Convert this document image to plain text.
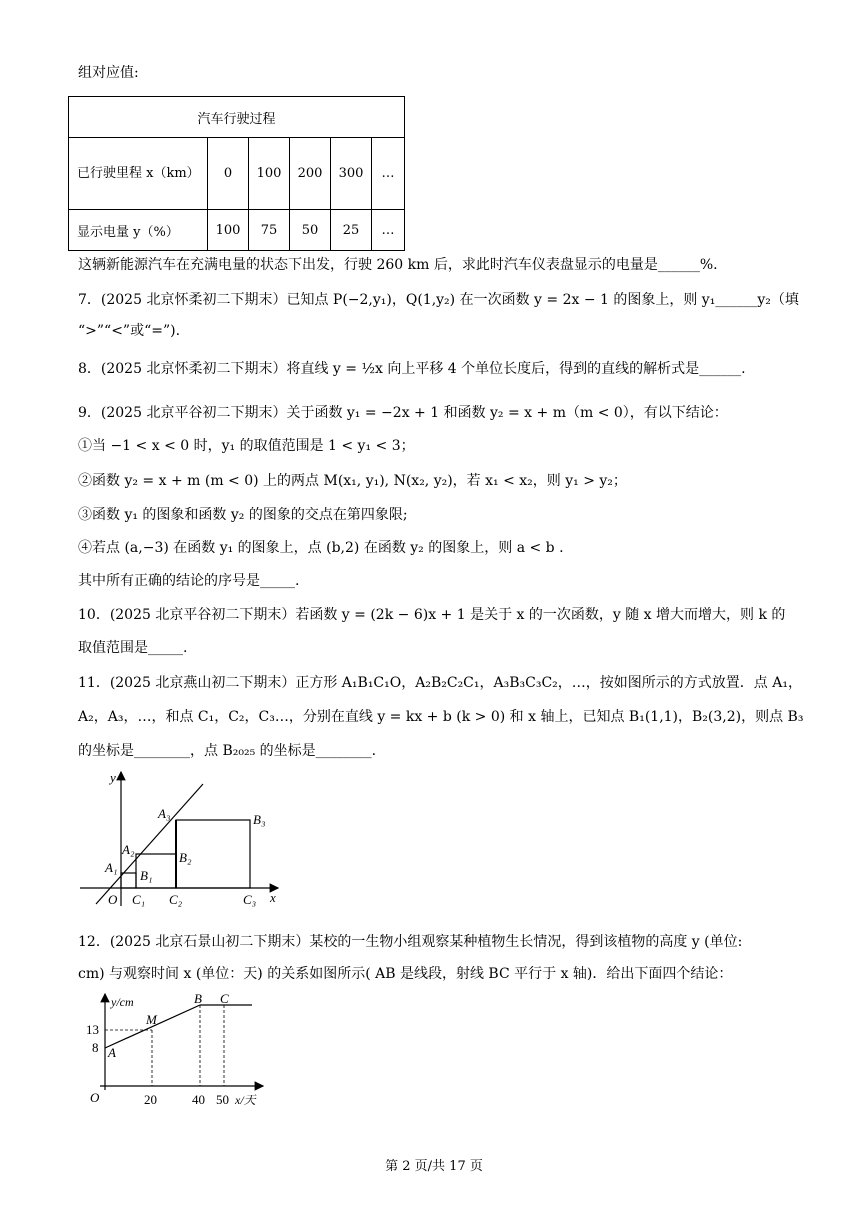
组对应值:
汽车行驶过程					
已行驶里程 x（km）	0	100	200	300	…
显示电量 y（%）	100	75	50	25	…
这辆新能源汽车在充满电量的状态下出发，行驶 260 km 后，求此时汽车仪表盘显示的电量是______%.
7．(2025 北京怀柔初二下期末）已知点 P(−2,y₁)，Q(1,y₂) 在一次函数 y = 2x − 1 的图象上，则 y₁______y₂（填
“>”“<”或“=”).
8．(2025 北京怀柔初二下期末）将直线 y = ½x 向上平移 4 个单位长度后，得到的直线的解析式是______.
9．(2025 北京平谷初二下期末）关于函数 y₁ = −2x + 1 和函数 y₂ = x + m（m < 0），有以下结论：
①当 −1 < x < 0 时，y₁ 的取值范围是 1 < y₁ < 3；
②函数 y₂ = x + m (m < 0) 上的两点 M(x₁, y₁), N(x₂, y₂)，若 x₁ < x₂，则 y₁ > y₂；
③函数 y₁ 的图象和函数 y₂ 的图象的交点在第四象限;
④若点 (a,−3) 在函数 y₁ 的图象上，点 (b,2) 在函数 y₂ 的图象上，则 a < b .
其中所有正确的结论的序号是_____.
10．(2025 北京平谷初二下期末）若函数 y = (2k − 6)x + 1 是关于 x 的一次函数，y 随 x 增大而增大，则 k 的
取值范围是_____.
11．(2025 北京燕山初二下期末）正方形 A₁B₁C₁O，A₂B₂C₂C₁，A₃B₃C₃C₂，…，按如图所示的方式放置．点 A₁，
A₂，A₃，…，和点 C₁，C₂，C₃…，分别在直线 y = kx + b (k > 0) 和 x 轴上，已知点 B₁(1,1)，B₂(3,2)，则点 B₃
的坐标是________，点 B₂₀₂₅ 的坐标是________.
y
x
O
A₁
A₂
A₃
B₁
B₂
B₃
C₁ C₂	C₃
12．(2025 北京石景山初二下期末）某校的一生物小组观察某种植物生长情况，得到该植物的高度 y (单位:
cm) 与观察时间 x (单位：天) 的关系如图所示( AB 是线段，射线 BC 平行于 x 轴)．给出下面四个结论：
y/cm
x/天
O
A
M
B C
13
8
20	40 50
第 2 页/共 17 页
